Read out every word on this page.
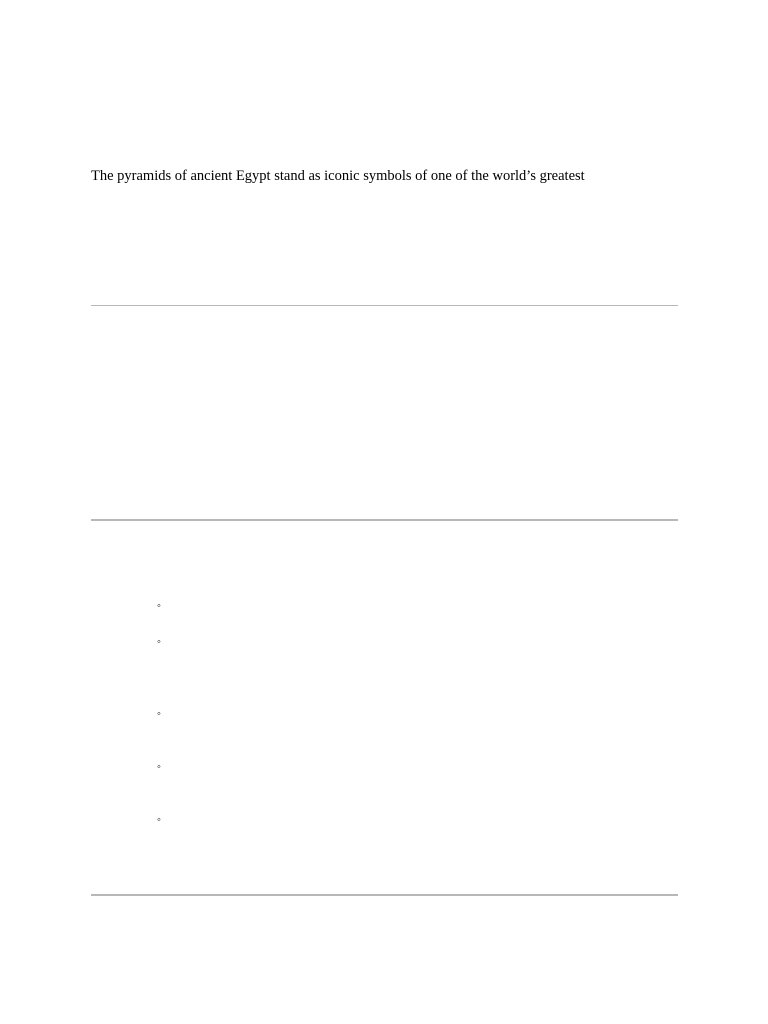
The pyramids of ancient Egypt stand as iconic symbols of one of the world’s greatest

◦
◦
◦
◦
◦
